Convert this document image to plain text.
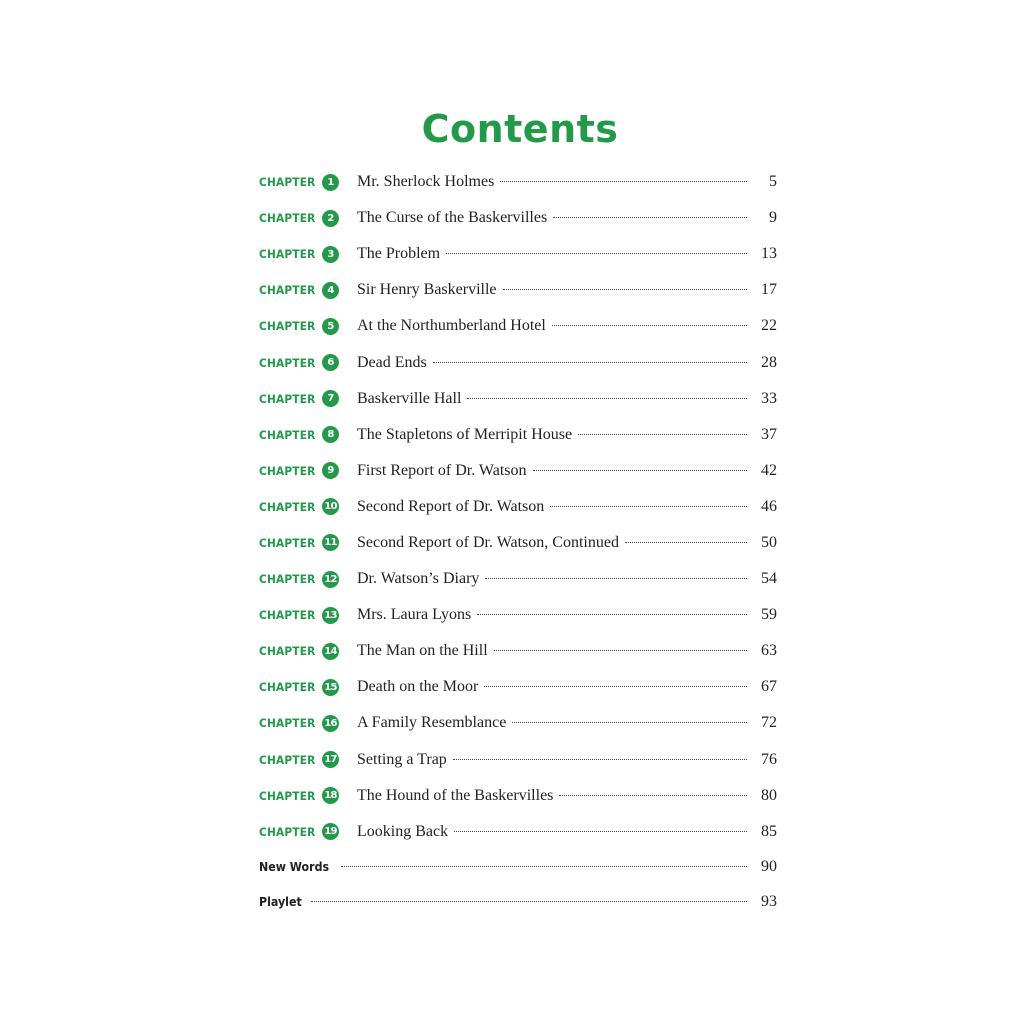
Contents
CHAPTER	1	Mr. Sherlock Holmes	5
CHAPTER	2	The Curse of the Baskervilles	9
CHAPTER	3	The Problem	13
CHAPTER	4	Sir Henry Baskerville	17
CHAPTER	5	At the Northumberland Hotel	22
CHAPTER	6	Dead Ends	28
CHAPTER	7	Baskerville Hall	33
CHAPTER	8	The Stapletons of Merripit House	37
CHAPTER	9	First Report of Dr. Watson	42
CHAPTER 10 Second Report of Dr. Watson	46
CHAPTER 11 Second Report of Dr. Watson, Continued	50
CHAPTER 12 Dr. Watson’s Diary	54
CHAPTER 13 Mrs. Laura Lyons	59
CHAPTER 14 The Man on the Hill	63
CHAPTER 15 Death on the Moor	67
CHAPTER 16 A Family Resemblance	72
CHAPTER 17 Setting a Trap	76
CHAPTER 18 The Hound of the Baskervilles	80
CHAPTER 19 Looking Back	85
New Words	90
Playlet	93
